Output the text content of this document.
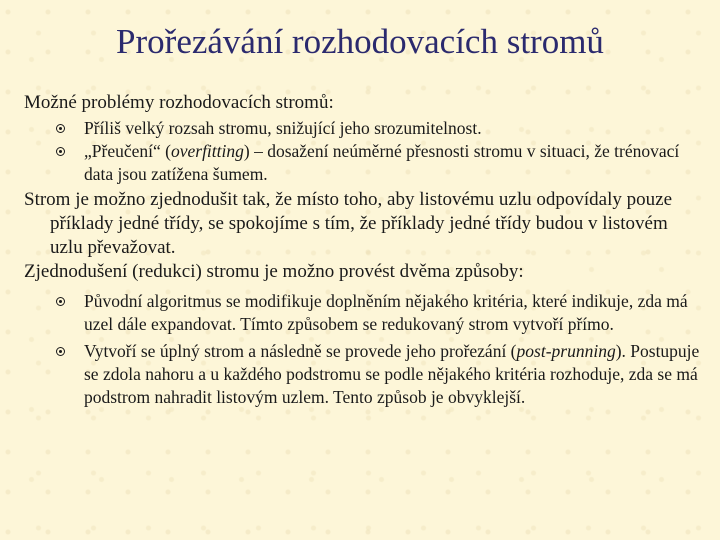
Prořezávání rozhodovacích stromů

Možné problémy rozhodovacích stromů:

Příliš velký rozsah stromu, snižující jeho srozumitelnost.
„Přeučení“ (overfitting) – dosažení neúměrné přesnosti stromu v situaci, že trénovací data jsou zatížena šumem.

Strom je možno zjednodušit tak, že místo toho, aby listovému uzlu odpovídaly pouze příklady jedné třídy, se spokojíme s tím, že příklady jedné třídy budou v listovém uzlu převažovat.

Zjednodušení (redukci) stromu je možno provést dvěma způsoby:

Původní algoritmus se modifikuje doplněním nějakého kritéria, které indikuje, zda má uzel dále expandovat. Tímto způsobem se redukovaný strom vytvoří přímo.
Vytvoří se úplný strom a následně se provede jeho prořezání (post-prunning). Postupuje se zdola nahoru a u každého podstromu se podle nějakého kritéria rozhoduje, zda se má podstrom nahradit listovým uzlem. Tento způsob je obvyklejší.
